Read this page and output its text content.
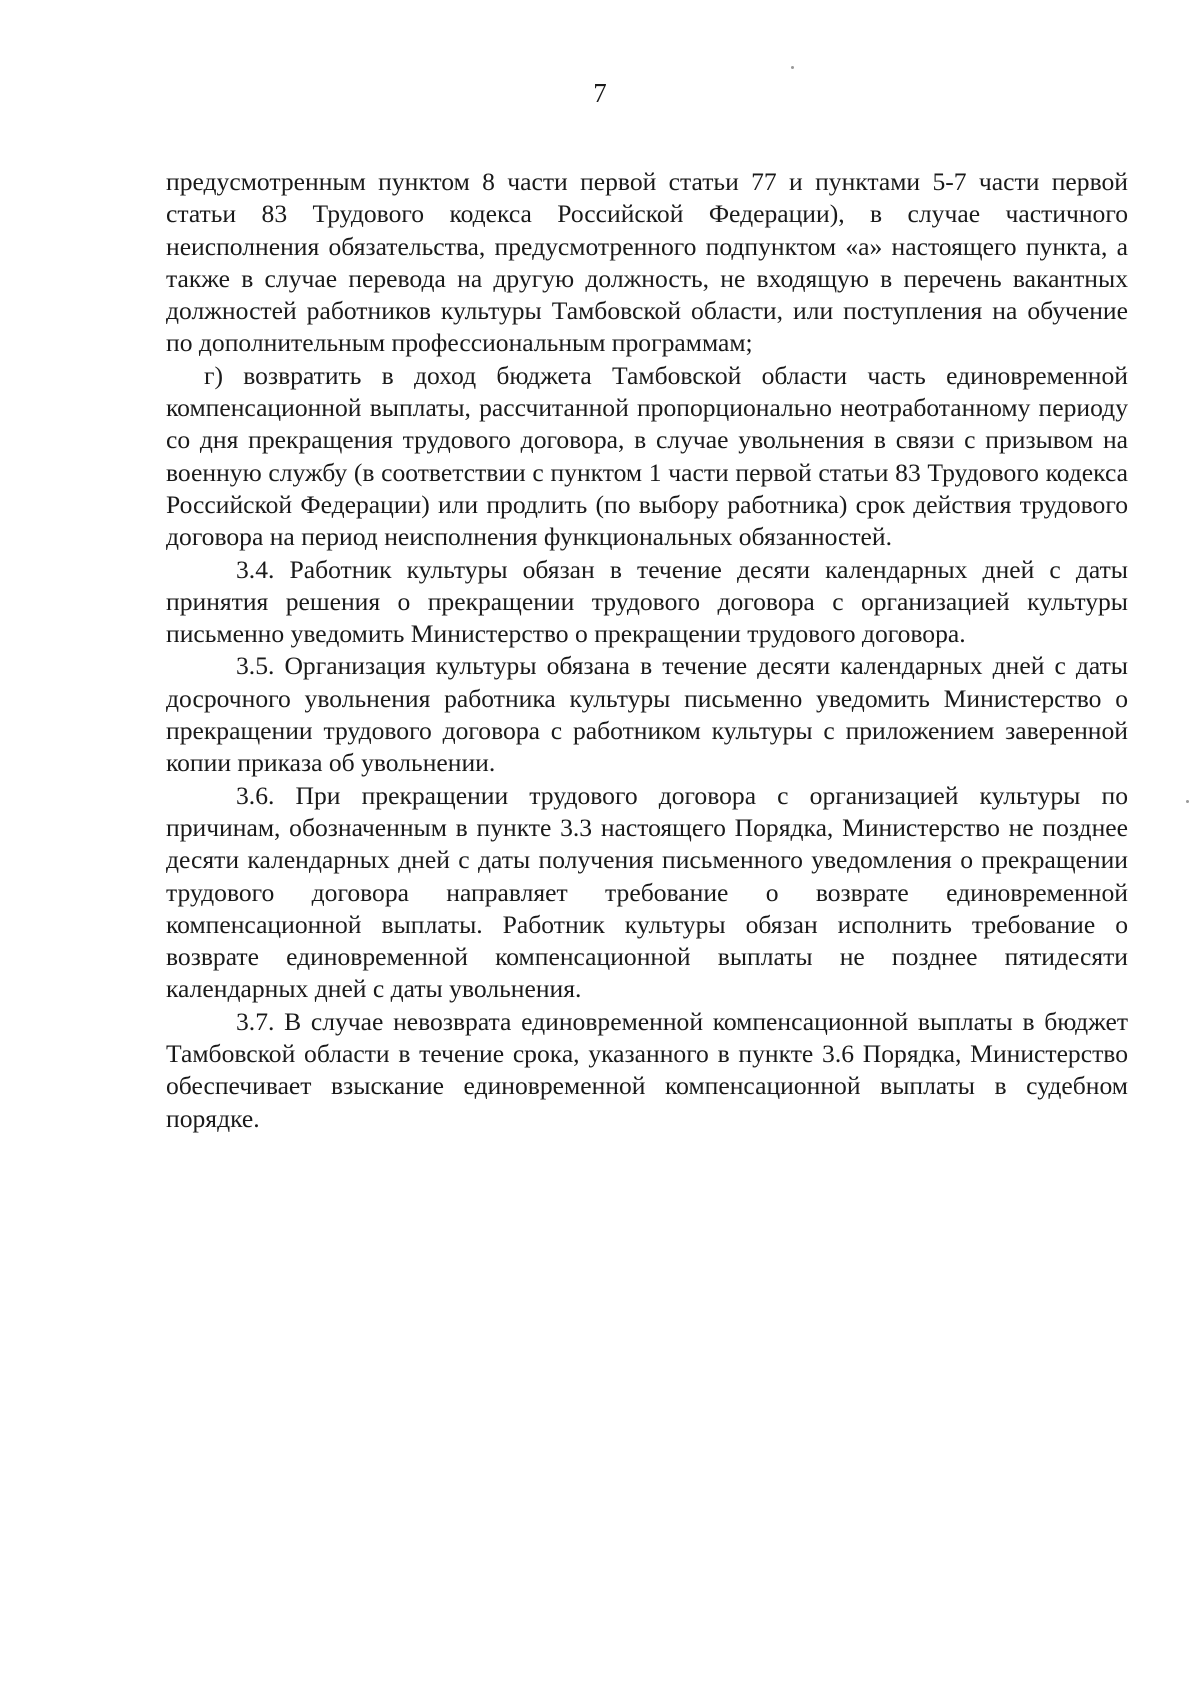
7

предусмотренным пунктом 8 части первой статьи 77 и пунктами 5-7 части первой статьи 83 Трудового кодекса Российской Федерации), в случае частичного неисполнения обязательства, предусмотренного подпунктом «а» настоящего пункта, а также в случае перевода на другую должность, не входящую в перечень вакантных должностей работников культуры Тамбовской области, или поступления на обучение по дополнительным профессиональным программам;

г) возвратить в доход бюджета Тамбовской области часть единовременной компенсационной выплаты, рассчитанной пропорционально неотработанному периоду со дня прекращения трудового договора, в случае увольнения в связи с призывом на военную службу (в соответствии с пунктом 1 части первой статьи 83 Трудового кодекса Российской Федерации) или продлить (по выбору работника) срок действия трудового договора на период неисполнения функциональных обязанностей.

3.4. Работник культуры обязан в течение десяти календарных дней с даты принятия решения о прекращении трудового договора с организацией культуры письменно уведомить Министерство о прекращении трудового договора.

3.5. Организация культуры обязана в течение десяти календарных дней с даты досрочного увольнения работника культуры письменно уведомить Министерство о прекращении трудового договора с работником культуры с приложением заверенной копии приказа об увольнении.

3.6. При прекращении трудового договора с организацией культуры по причинам, обозначенным в пункте 3.3 настоящего Порядка, Министерство не позднее десяти календарных дней с даты получения письменного уведомления о прекращении трудового договора направляет требование о возврате единовременной компенсационной выплаты. Работник культуры обязан исполнить требование о возврате единовременной компенсационной выплаты не позднее пятидесяти календарных дней с даты увольнения.

3.7. В случае невозврата единовременной компенсационной выплаты в бюджет Тамбовской области в течение срока, указанного в пункте 3.6 Порядка, Министерство обеспечивает взыскание единовременной компенсационной выплаты в судебном порядке.
